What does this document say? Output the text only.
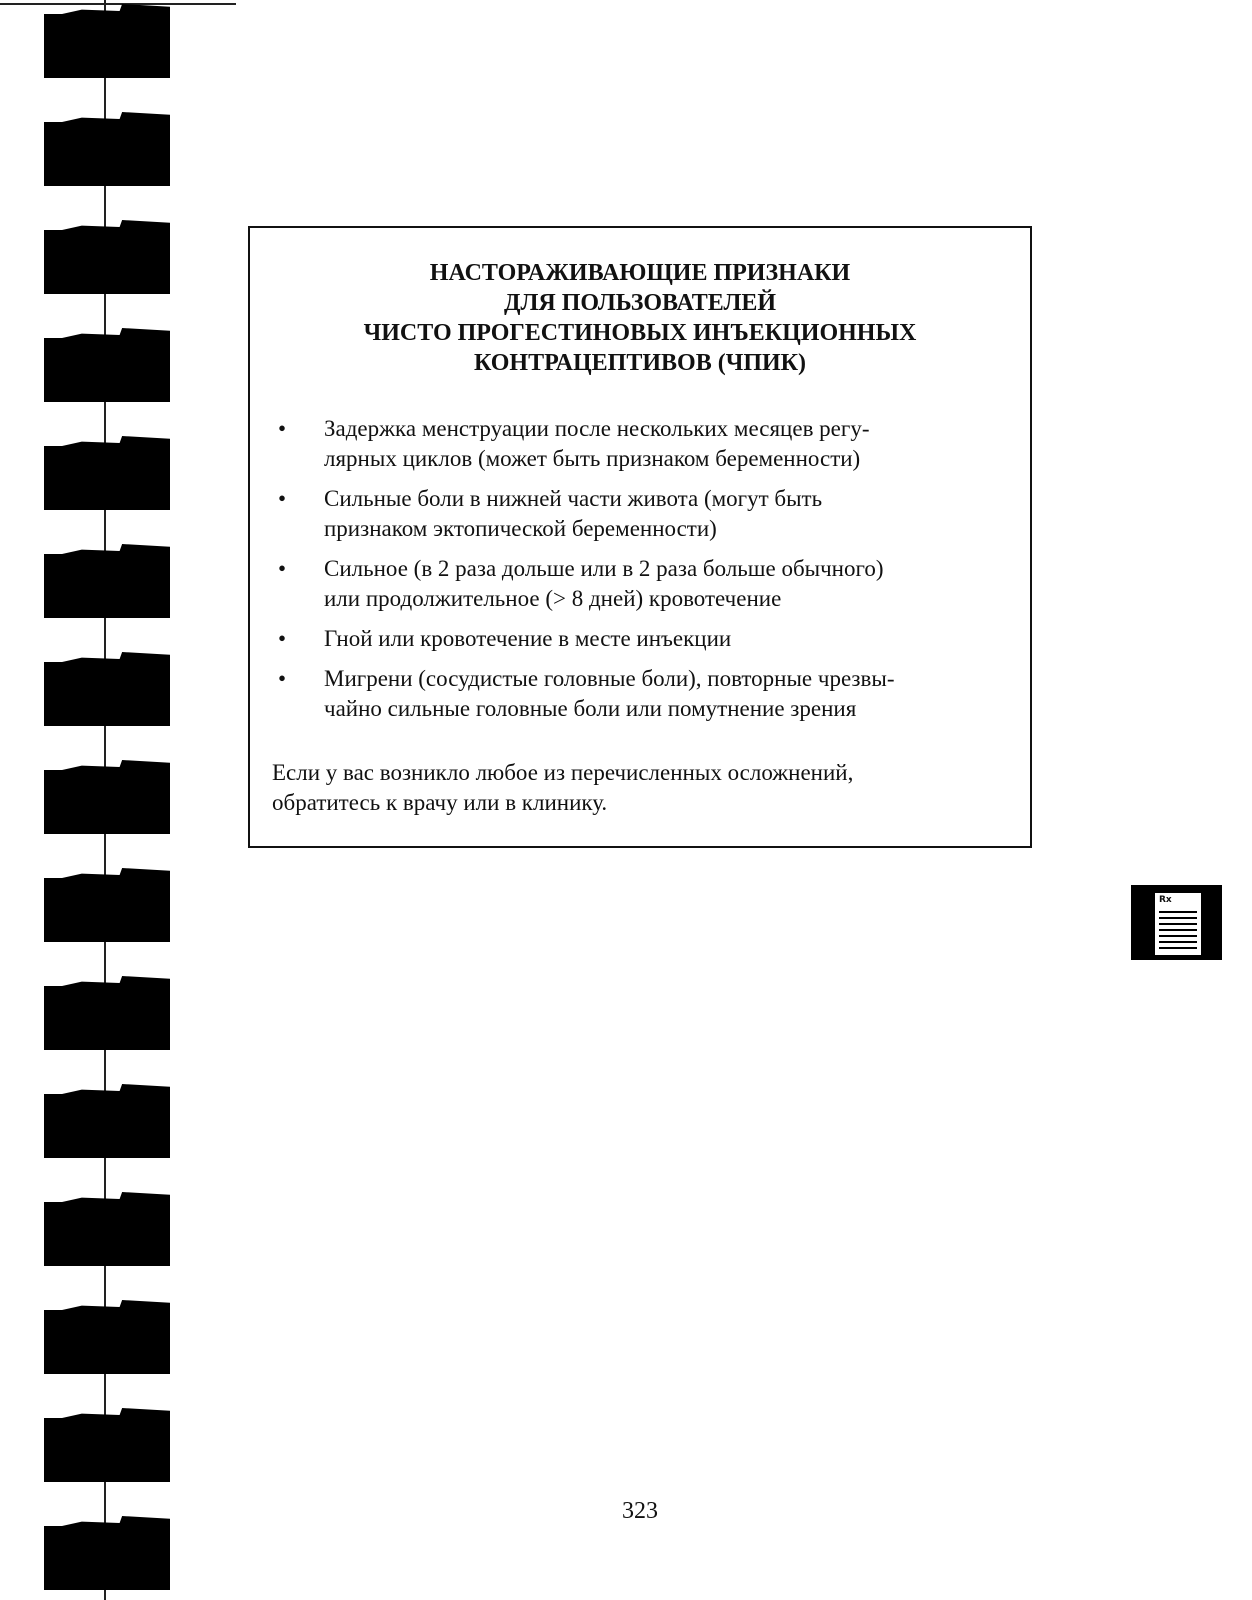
НАСТОРАЖИВАЮЩИЕ ПРИЗНАКИ
ДЛЯ ПОЛЬЗОВАТЕЛЕЙ
ЧИСТО ПРОГЕСТИНОВЫХ ИНЪЕКЦИОННЫХ
КОНТРАЦЕПТИВОВ (ЧПИК)
•	Задержка менструации после нескольких месяцев регу-
лярных циклов (может быть признаком беременности)
•	Сильные боли в нижней части живота (могут быть
признаком эктопической беременности)
•	Сильное (в 2 раза дольше или в 2 раза больше обычного)
или продолжительное (> 8 дней) кровотечение
•	Гной или кровотечение в месте инъекции
•	Мигрени (сосудистые головные боли), повторные чрезвы-
чайно сильные головные боли или помутнение зрения
Если у вас возникло любое из перечисленных осложнений,
обратитесь к врачу или в клинику.
Rx
323
